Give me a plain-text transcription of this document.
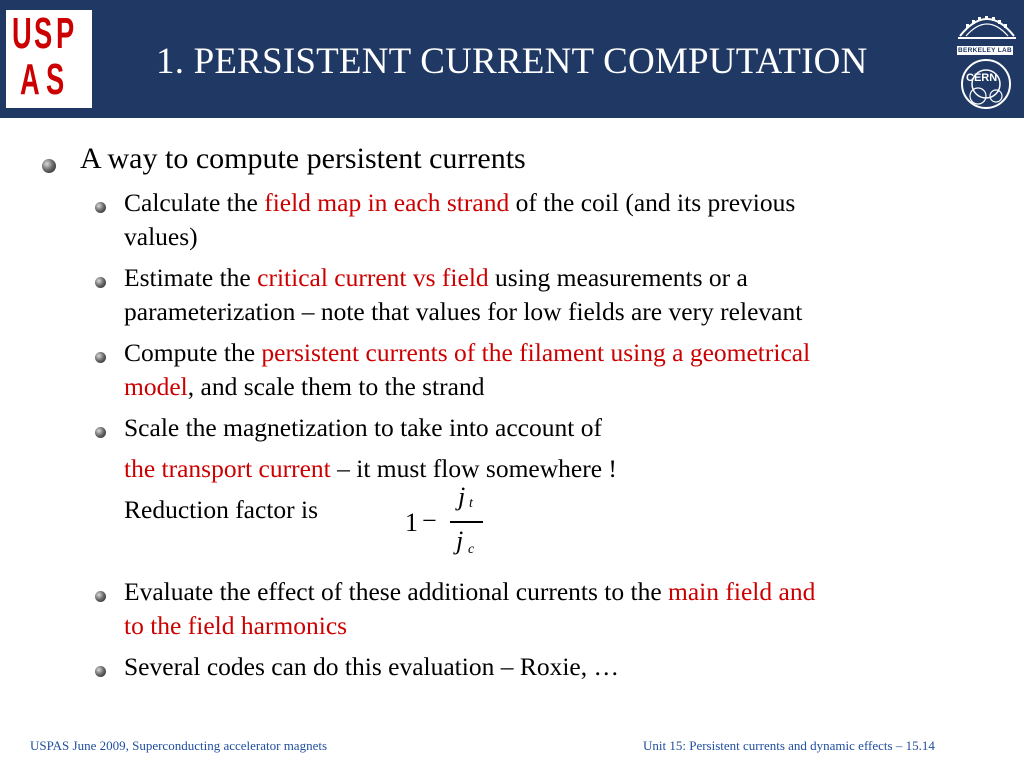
U S P
A S 1. PERSISTENT CURRENT COMPUTATION	BERKELEY LAB
CERN
A way to compute persistent currents
Calculate the field map in each strand of the coil (and its previous
values)
Estimate the critical current vs field using measurements or a
parameterization – note that values for low fields are very relevant
Compute the persistent currents of the filament using a geometrical
model, and scale them to the strand
Scale the magnetization to take into account of
the transport current – it must flow somewhere !
Reduction factor is	1 −
j t
j c
Evaluate the effect of these additional currents to the main field and
to the field harmonics
Several codes can do this evaluation – Roxie, …
USPAS June 2009, Superconducting accelerator magnets	Unit 15: Persistent currents and dynamic effects – 15.14
